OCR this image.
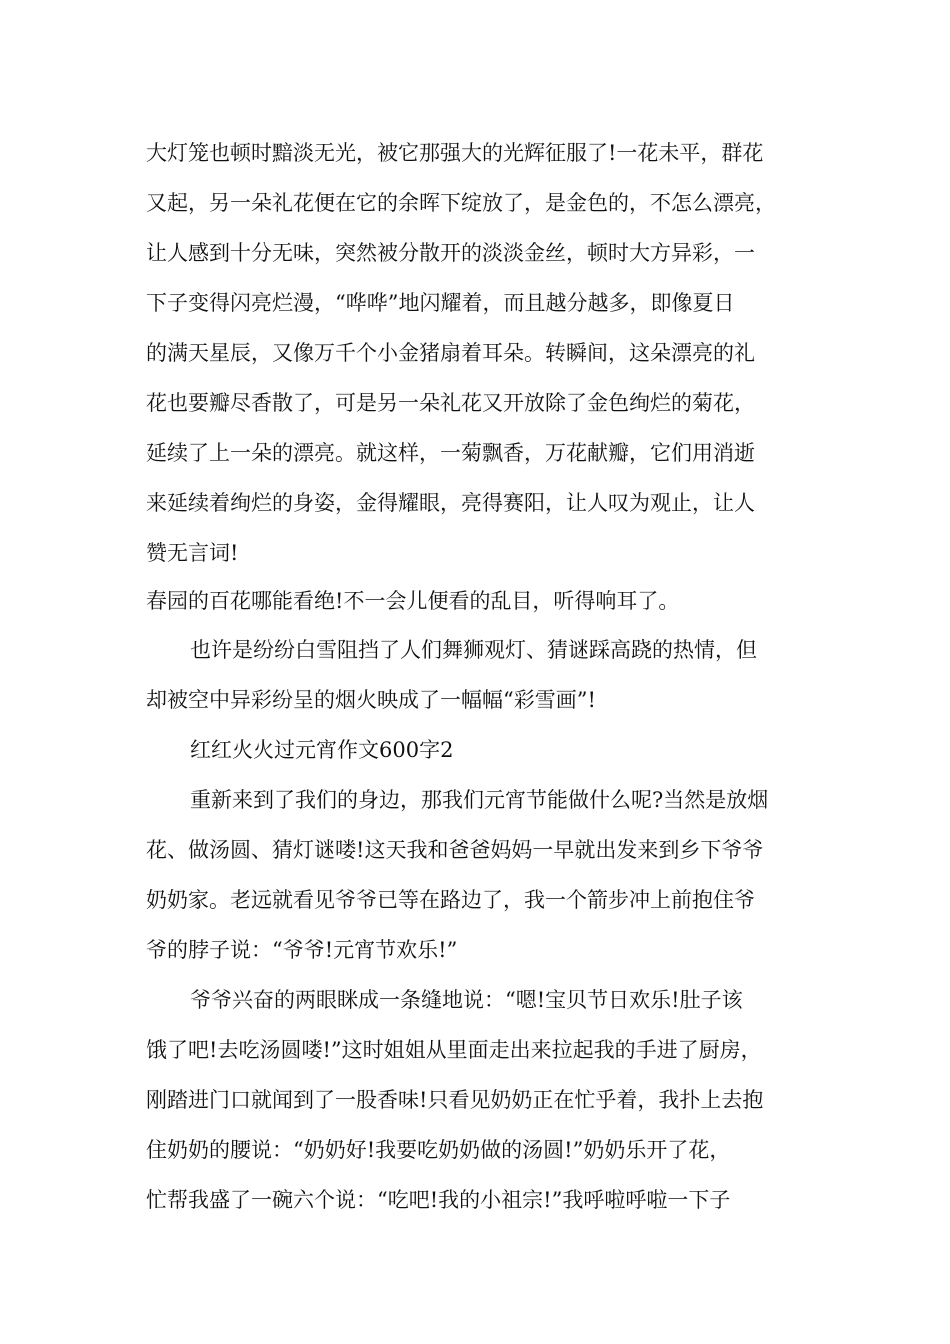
大灯笼也顿时黯淡无光，被它那强大的光辉征服了!一花未平，群花

又起，另一朵礼花便在它的余晖下绽放了，是金色的，不怎么漂亮，

让人感到十分无味，突然被分散开的淡淡金丝，顿时大方异彩，一

下子变得闪亮烂漫，“哗哗”地闪耀着，而且越分越多，即像夏日

的满天星辰，又像万千个小金猪扇着耳朵。转瞬间，这朵漂亮的礼

花也要瓣尽香散了，可是另一朵礼花又开放除了金色绚烂的菊花，

延续了上一朵的漂亮。就这样，一菊飘香，万花献瓣，它们用消逝

来延续着绚烂的身姿，金得耀眼，亮得赛阳，让人叹为观止，让人

赞无言词!

春园的百花哪能看绝!不一会儿便看的乱目，听得响耳了。

也许是纷纷白雪阻挡了人们舞狮观灯、猜谜踩高跷的热情，但

却被空中异彩纷呈的烟火映成了一幅幅“彩雪画”!

红红火火过元宵作文600字2

重新来到了我们的身边，那我们元宵节能做什么呢?当然是放烟

花、做汤圆、猜灯谜喽!这天我和爸爸妈妈一早就出发来到乡下爷爷

奶奶家。老远就看见爷爷已等在路边了，我一个箭步冲上前抱住爷

爷的脖子说：“爷爷!元宵节欢乐!”

爷爷兴奋的两眼眯成一条缝地说：“嗯!宝贝节日欢乐!肚子该

饿了吧!去吃汤圆喽!”这时姐姐从里面走出来拉起我的手进了厨房，

刚踏进门口就闻到了一股香味!只看见奶奶正在忙乎着，我扑上去抱

住奶奶的腰说：“奶奶好!我要吃奶奶做的汤圆!”奶奶乐开了花，

忙帮我盛了一碗六个说：“吃吧!我的小祖宗!”我呼啦呼啦一下子
